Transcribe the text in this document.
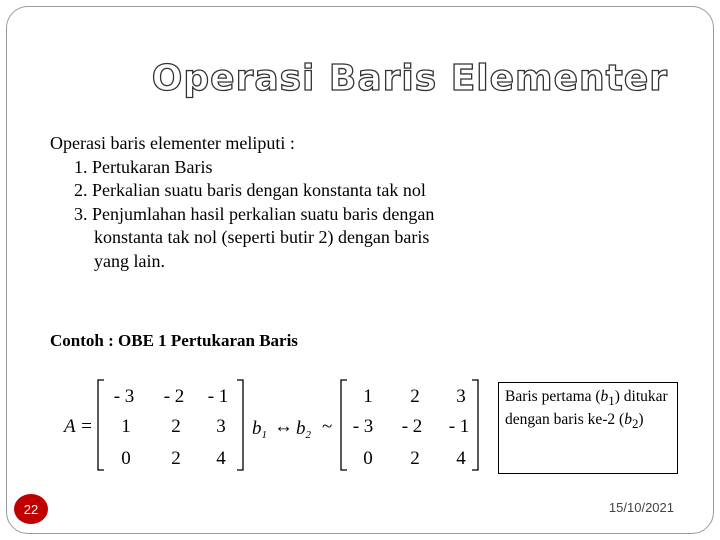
Operasi Baris Elementer
Operasi baris elementer meliputi :
1. Pertukaran Baris
2. Perkalian suatu baris dengan konstanta tak nol
3. Penjumlahan hasil perkalian suatu baris dengan
konstanta tak nol (seperti butir 2) dengan baris
yang lain.
Contoh : OBE 1 Pertukaran Baris
A =
- 3 - 2 - 1
1 2 3
0 2 4
$b_1$ ↔ $b_2$ ~
1 2 3
- 3 - 2 - 1
0 2 4
Baris pertama $(b_1)$ ditukar dengan baris ke-2 $(b_2)$
22	15/10/2021
